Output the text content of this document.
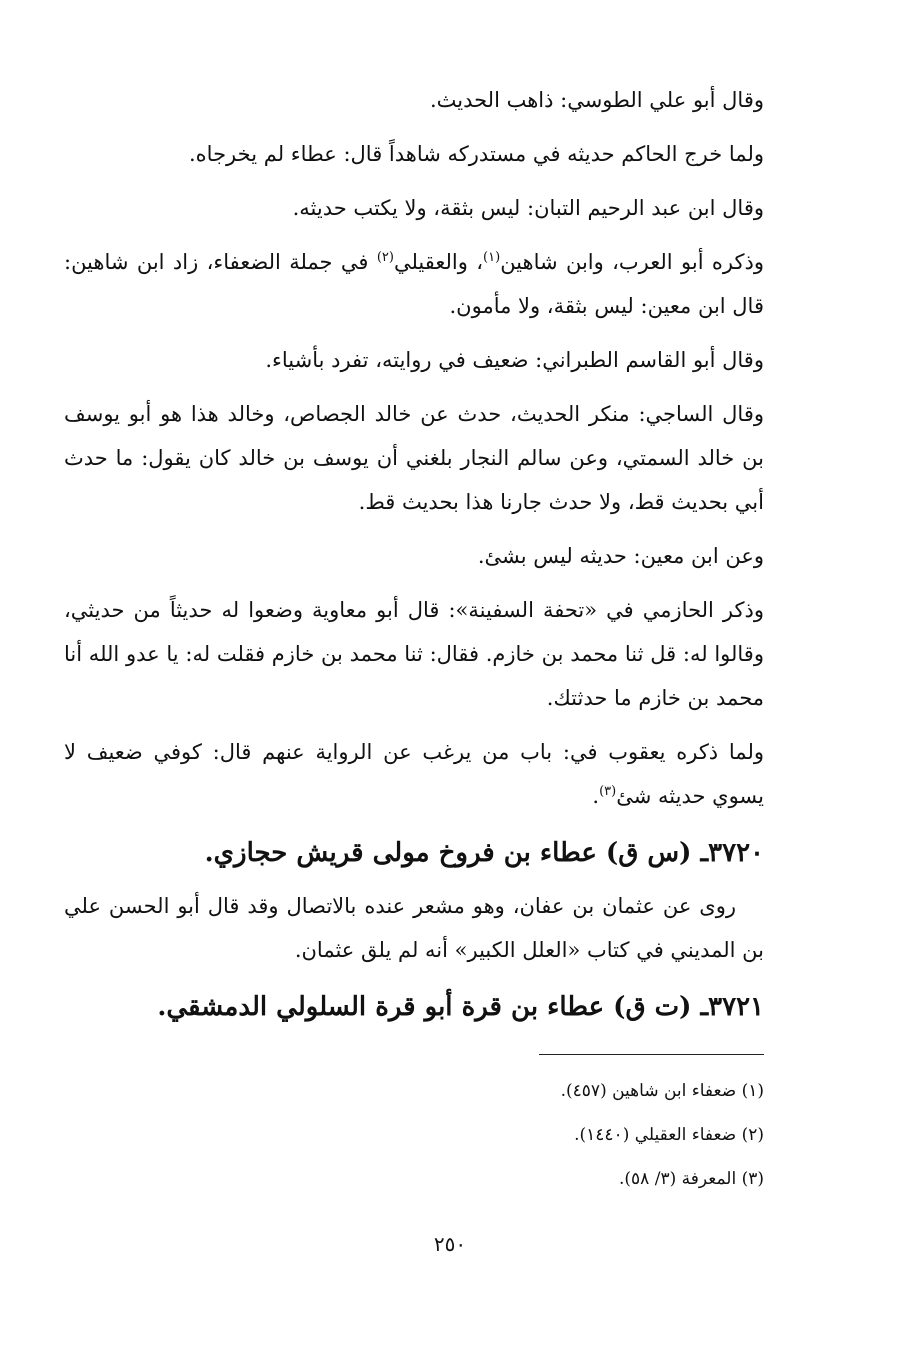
وقال أبو علي الطوسي: ذاهب الحديث.

ولما خرج الحاكم حديثه في مستدركه شاهداً قال: عطاء لم يخرجاه.

وقال ابن عبد الرحيم التبان: ليس بثقة، ولا يكتب حديثه.

وذكره أبو العرب، وابن شاهين$^{(١)}$، والعقيلي$^{(٢)}$ في جملة الضعفاء، زاد ابن شاهين: قال ابن معين: ليس بثقة، ولا مأمون.

وقال أبو القاسم الطبراني: ضعيف في روايته، تفرد بأشياء.

وقال الساجي: منكر الحديث، حدث عن خالد الجصاص، وخالد هذا هو أبو يوسف بن خالد السمتي، وعن سالم النجار بلغني أن يوسف بن خالد كان يقول: ما حدث أبي بحديث قط، ولا حدث جارنا هذا بحديث قط.

وعن ابن معين: حديثه ليس بشئ.

وذكر الحازمي في «تحفة السفينة»: قال أبو معاوية وضعوا له حديثاً من حديثي، وقالوا له: قل ثنا محمد بن خازم. فقال: ثنا محمد بن خازم فقلت له: يا عدو الله أنا محمد بن خازم ما حدثتك.

ولما ذكره يعقوب في: باب من يرغب عن الرواية عنهم قال: كوفي ضعيف لا يسوي حديثه شئ$^{(٣)}$.

٣٧٢٠ـ (س ق) عطاء بن فروخ مولى قريش حجازي.

روى عن عثمان بن عفان، وهو مشعر عنده بالاتصال وقد قال أبو الحسن علي بن المديني في كتاب «العلل الكبير» أنه لم يلق عثمان.

٣٧٢١ـ (ت ق) عطاء بن قرة أبو قرة السلولي الدمشقي.

(١) ضعفاء ابن شاهين (٤٥٧).

(٢) ضعفاء العقيلي (١٤٤٠).

(٣) المعرفة (٣/ ٥٨).

٢٥٠
